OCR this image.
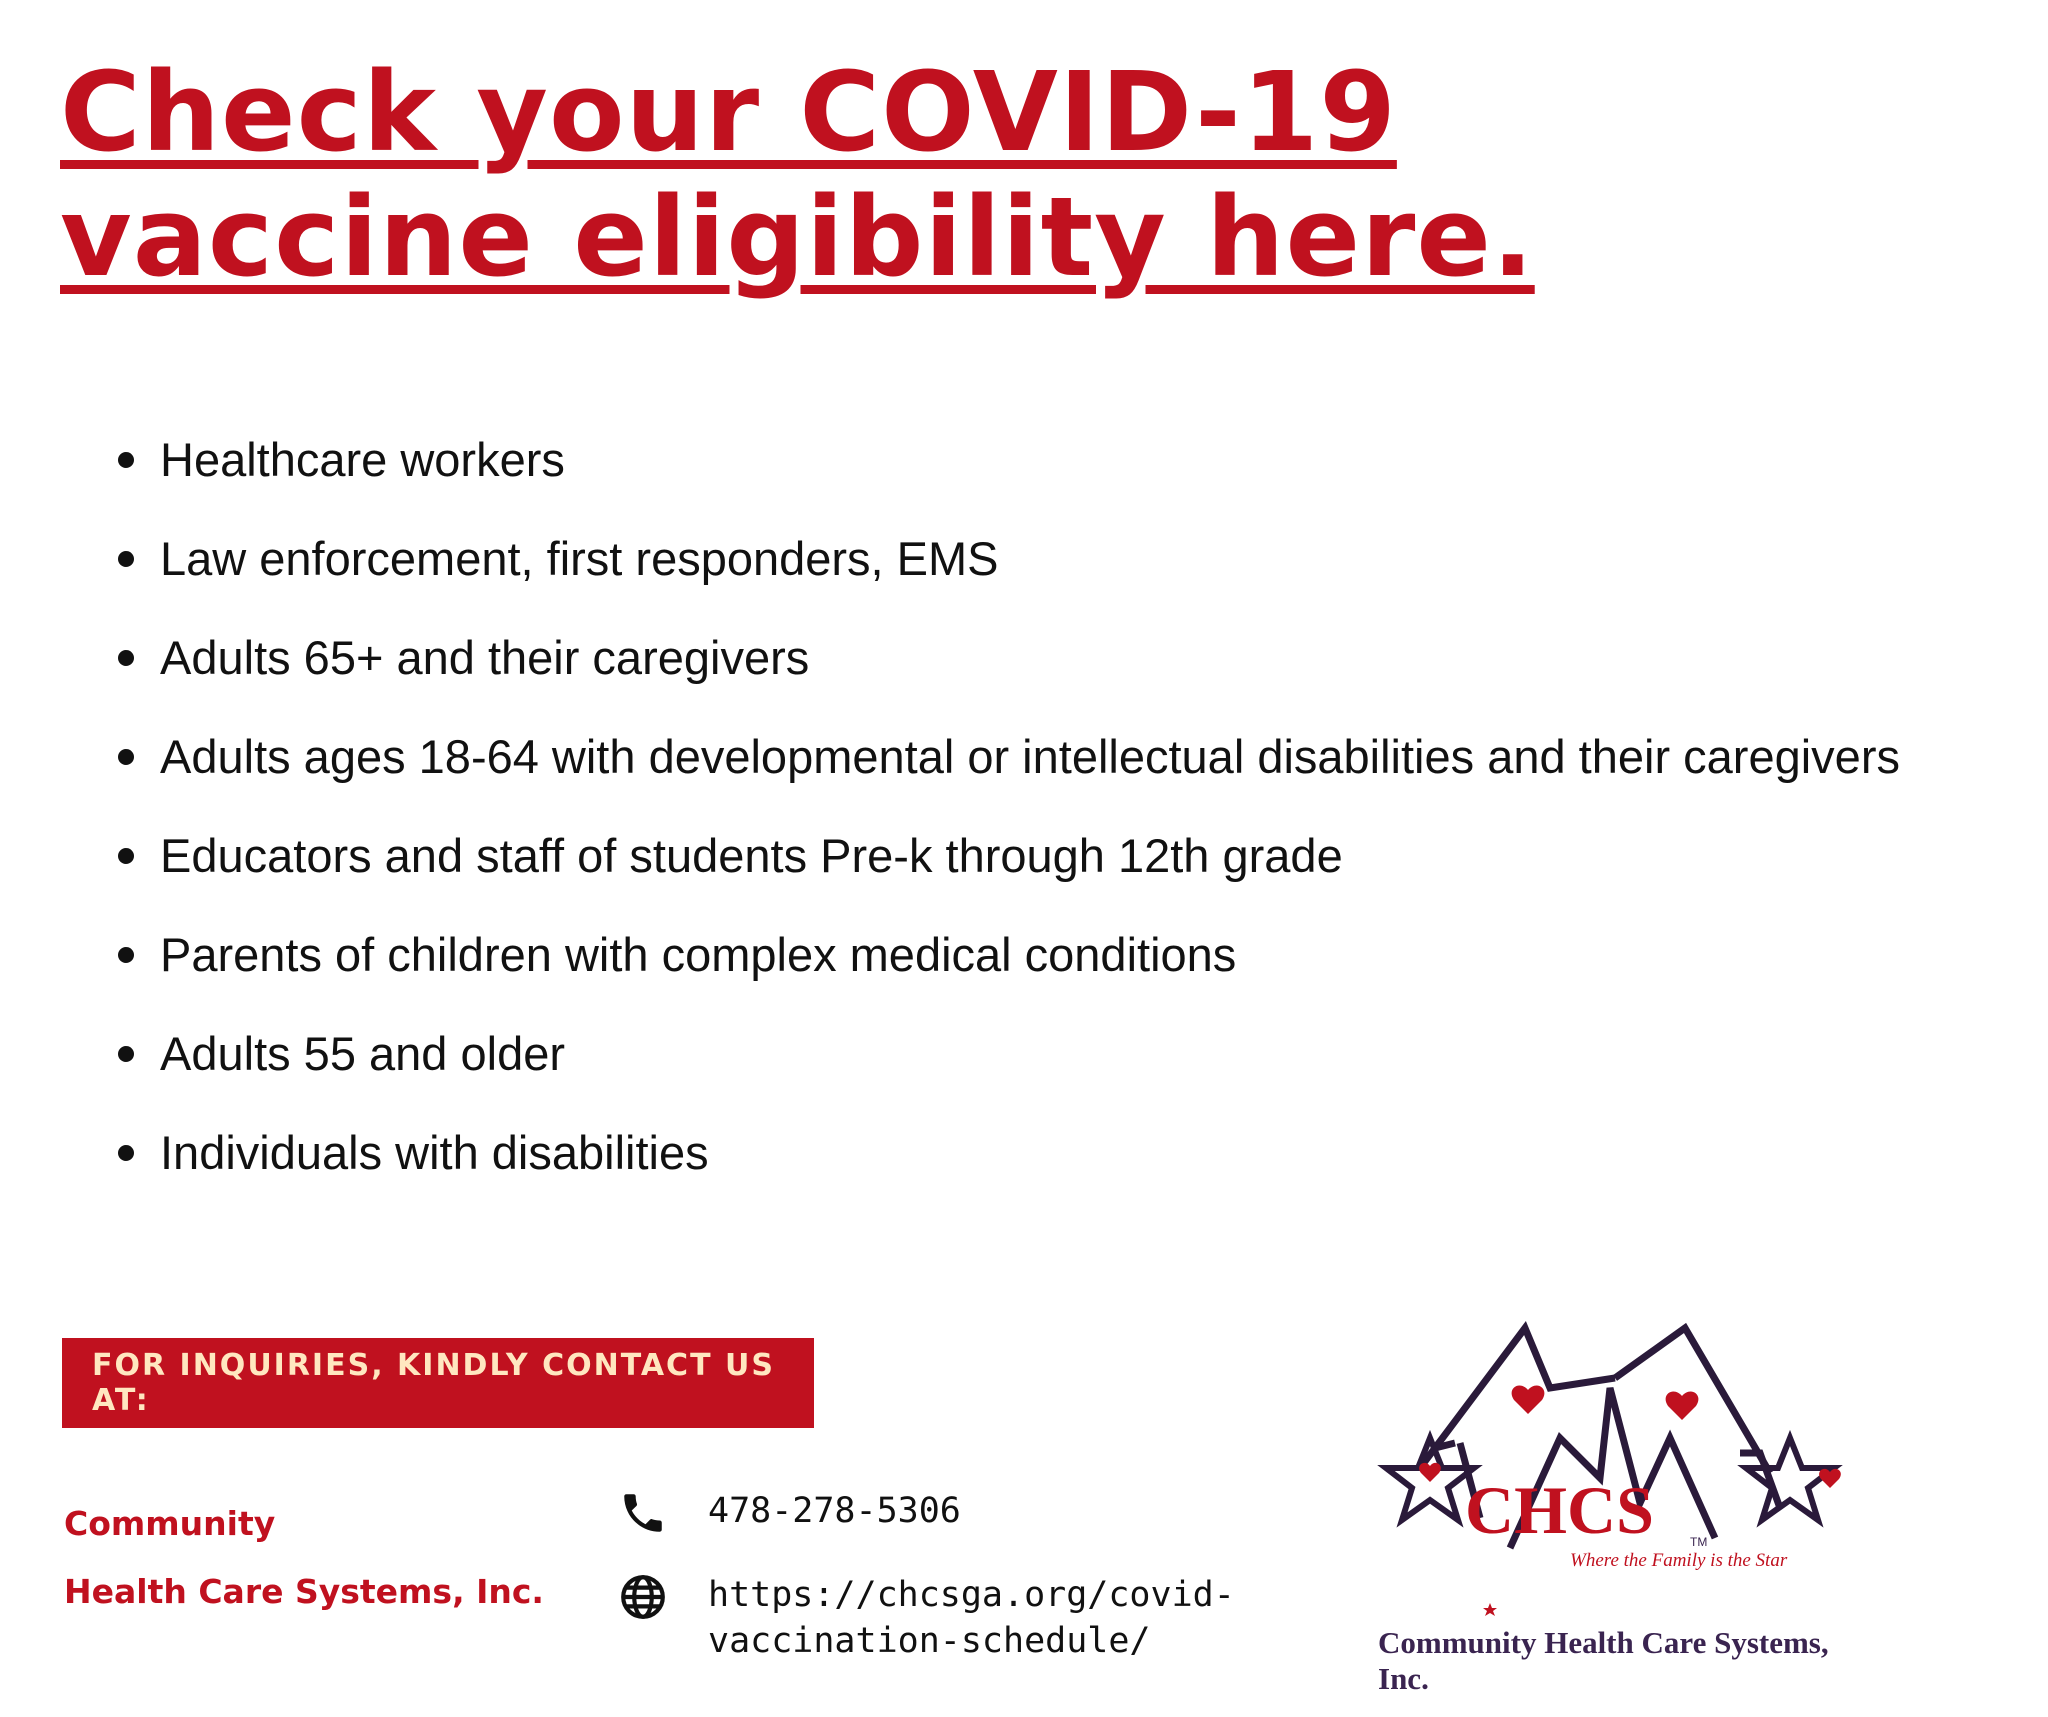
Check your COVID-19
vaccine eligibility here.
Healthcare workers
Law enforcement, first responders, EMS
Adults 65+ and their caregivers
Adults ages 18-64 with developmental or intellectual disabilities and their caregivers
Educators and staff of students Pre-k through 12th grade
Parents of children with complex medical conditions
Adults 55 and older
Individuals with disabilities
FOR INQUIRIES, KINDLY CONTACT US AT:
Community
Health Care Systems, Inc.
478-278-5306
https://chcsga.org/covid-
vaccination-schedule/
CHCS	TM
Where the Family is the Star
Community Health Care Systems, Inc.
